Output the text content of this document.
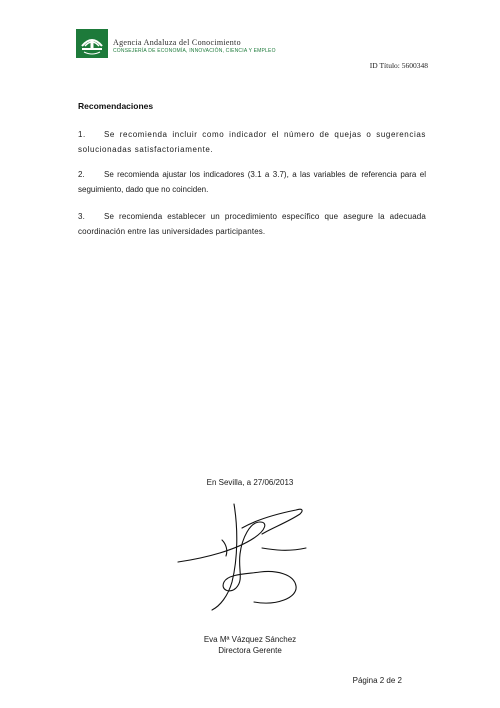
Agencia Andaluza del Conocimiento
CONSEJERÍA DE ECONOMÍA, INNOVACIÓN, CIENCIA Y EMPLEO
ID Título: 5600348
Recomendaciones
1. Se recomienda incluir como indicador el número de quejas o sugerencias solucionadas satisfactoriamente.
2. Se recomienda ajustar los indicadores (3.1 a 3.7), a las variables de referencia para el seguimiento, dado que no coinciden.
3. Se recomienda establecer un procedimiento específico que asegure la adecuada coordinación entre las universidades participantes.
En Sevilla, a 27/06/2013
Eva Mª Vázquez Sánchez
Directora Gerente
Página 2 de 2
